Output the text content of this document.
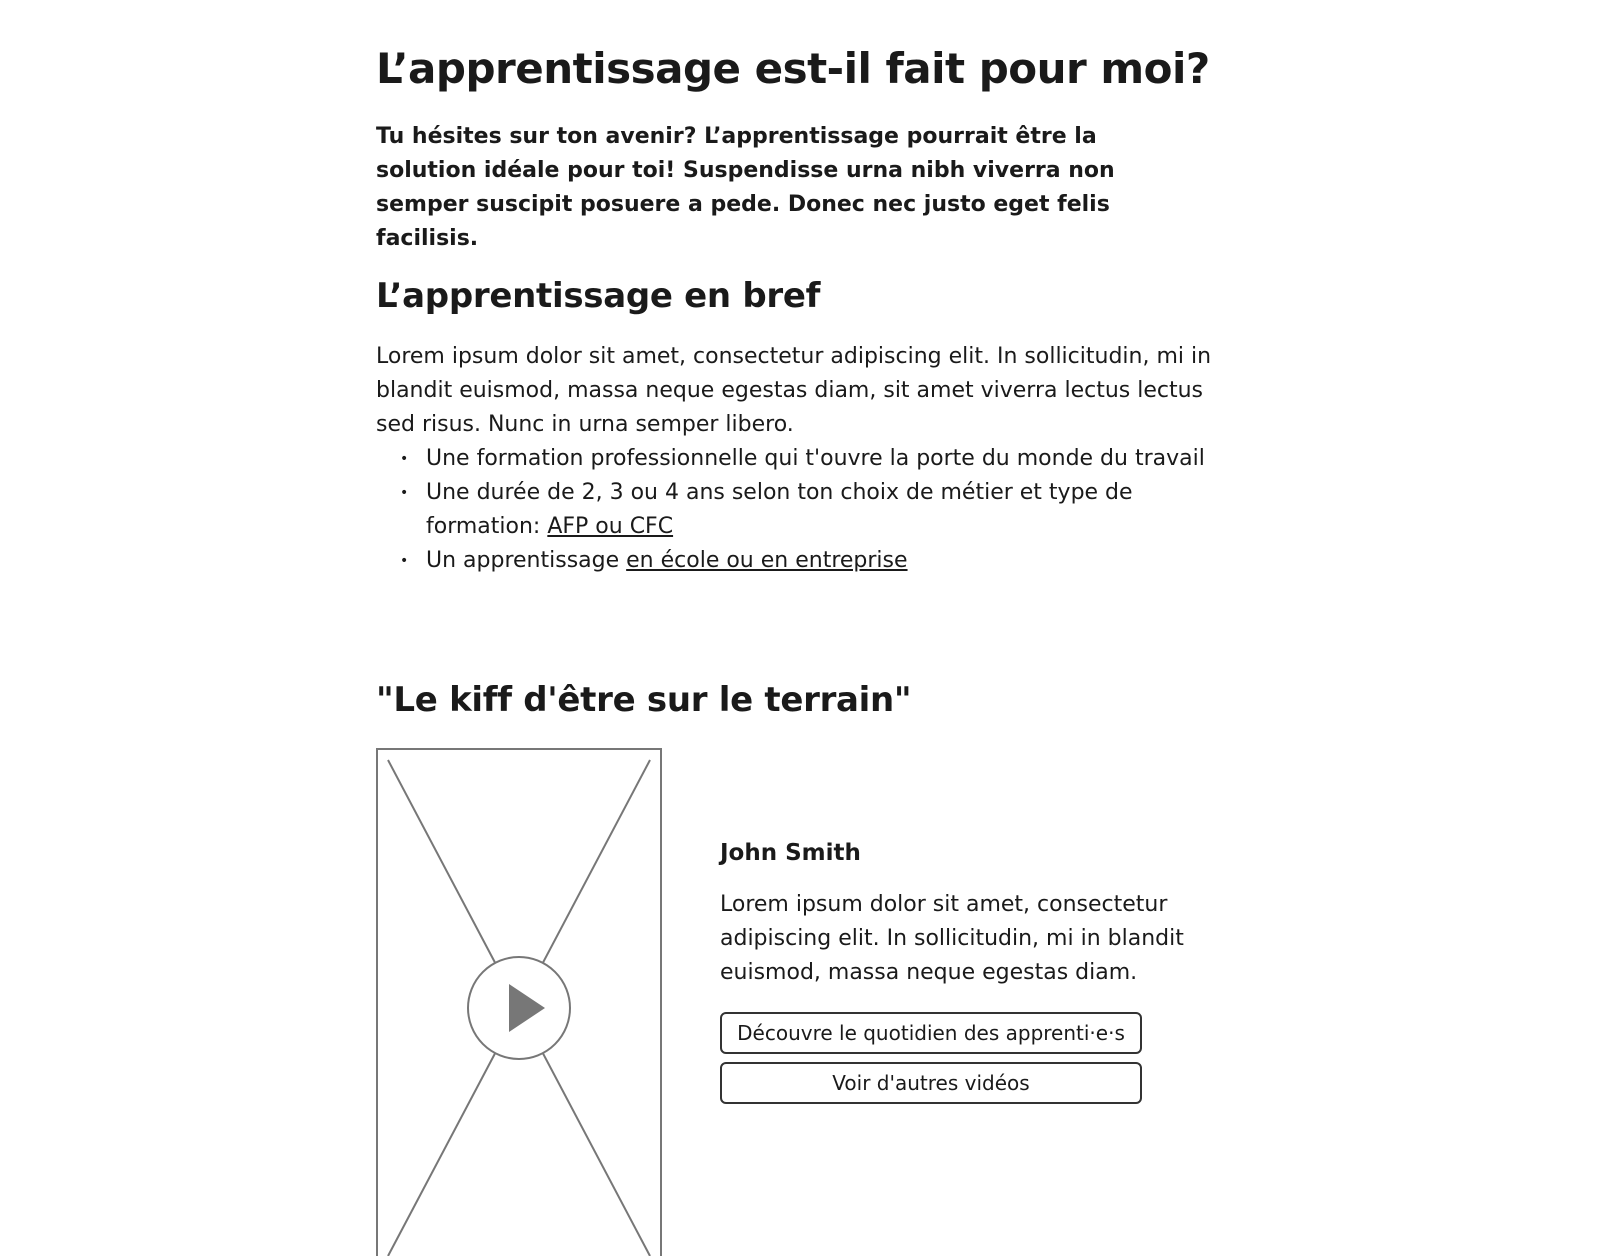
L’apprentissage est-il fait pour moi?

Tu hésites sur ton avenir? L’apprentissage pourrait être la solution idéale pour toi! Suspendisse urna nibh viverra non semper suscipit posuere a pede. Donec nec justo eget felis facilisis.

L’apprentissage en bref

Lorem ipsum dolor sit amet, consectetur adipiscing elit. In sollicitudin, mi in blandit euismod, massa neque egestas diam, sit amet viverra lectus lectus sed risus. Nunc in urna semper libero.

• Une formation professionnelle qui t'ouvre la porte du monde du travail
• Une durée de 2, 3 ou 4 ans selon ton choix de métier et type de formation: AFP ou CFC
• Un apprentissage en école ou en entreprise
"Le kiff d'être sur le terrain"

John Smith

Lorem ipsum dolor sit amet, consectetur adipiscing elit. In sollicitudin, mi in blandit euismod, massa neque egestas diam.

Découvre le quotidien des apprenti·e·s
Voir d'autres vidéos
